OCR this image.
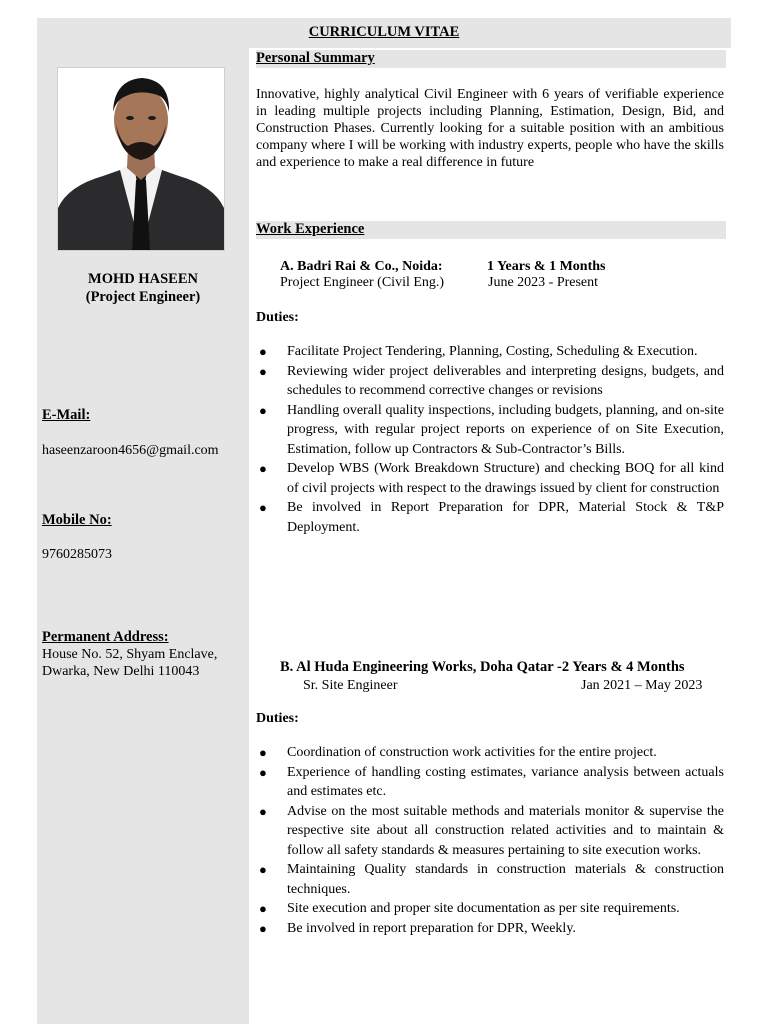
CURRICULUM VITAE
MOHD HASEEN
(Project Engineer)
E-Mail:
haseenzaroon4656@gmail.com
Mobile No:
9760285073
Permanent Address:
House No. 52, Shyam Enclave,
Dwarka, New Delhi 110043
Personal Summary
Innovative, highly analytical Civil Engineer with 6 years of verifiable experience in leading multiple projects including Planning, Estimation, Design, Bid, and Construction Phases. Currently looking for a suitable position with an ambitious company where I will be working with industry experts, people who have the skills and experience to make a real difference in future
Work Experience
A. Badri Rai & Co., Noida:	1 Years & 1 Months
Project Engineer (Civil Eng.)	June 2023 - Present
Duties:
● Facilitate Project Tendering, Planning, Costing, Scheduling & Execution.
● Reviewing wider project deliverables and interpreting designs, budgets, and schedules to recommend corrective changes or revisions
● Handling overall quality inspections, including budgets, planning, and on-site progress, with regular project reports on experience of on Site Execution, Estimation, follow up Contractors & Sub-Contractor’s Bills.
● Develop WBS (Work Breakdown Structure) and checking BOQ for all kind of civil projects with respect to the drawings issued by client for construction
● Be involved in Report Preparation for DPR, Material Stock & T&P Deployment.
B. Al Huda Engineering Works, Doha Qatar -2 Years & 4 Months
Sr. Site Engineer	Jan 2021 – May 2023
Duties:
● Coordination of construction work activities for the entire project.
● Experience of handling costing estimates, variance analysis between actuals and estimates etc.
● Advise on the most suitable methods and materials monitor & supervise the respective site about all construction related activities and to maintain & follow all safety standards & measures pertaining to site execution works.
● Maintaining Quality standards in construction materials & construction techniques.
● Site execution and proper site documentation as per site requirements.
● Be involved in report preparation for DPR, Weekly.
